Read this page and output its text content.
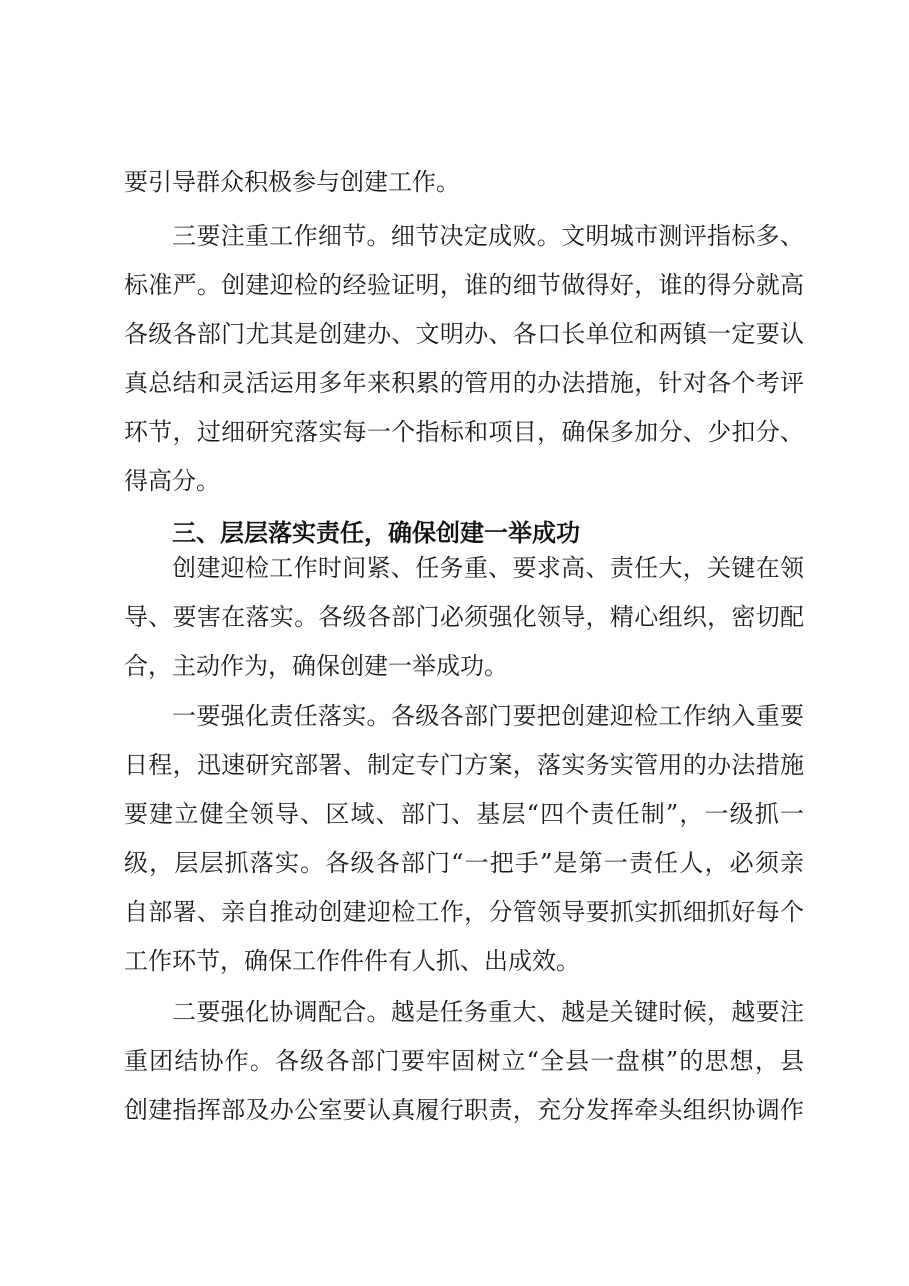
要引导群众积极参与创建工作。
三要注重工作细节。细节决定成败。文明城市测评指标多、
标准严。创建迎检的经验证明，谁的细节做得好，谁的得分就高
各级各部门尤其是创建办、文明办、各口长单位和两镇一定要认
真总结和灵活运用多年来积累的管用的办法措施，针对各个考评
环节，过细研究落实每一个指标和项目，确保多加分、少扣分、
得高分。
三、层层落实责任，确保创建一举成功
创建迎检工作时间紧、任务重、要求高、责任大，关键在领
导、要害在落实。各级各部门必须强化领导，精心组织，密切配
合，主动作为，确保创建一举成功。
一要强化责任落实。各级各部门要把创建迎检工作纳入重要
日程，迅速研究部署、制定专门方案，落实务实管用的办法措施
要建立健全领导、区域、部门、基层“四个责任制”，一级抓一
级，层层抓落实。各级各部门“一把手”是第一责任人，必须亲
自部署、亲自推动创建迎检工作，分管领导要抓实抓细抓好每个
工作环节，确保工作件件有人抓、出成效。
二要强化协调配合。越是任务重大、越是关键时候，越要注
重团结协作。各级各部门要牢固树立“全县一盘棋”的思想，县
创建指挥部及办公室要认真履行职责，充分发挥牵头组织协调作
